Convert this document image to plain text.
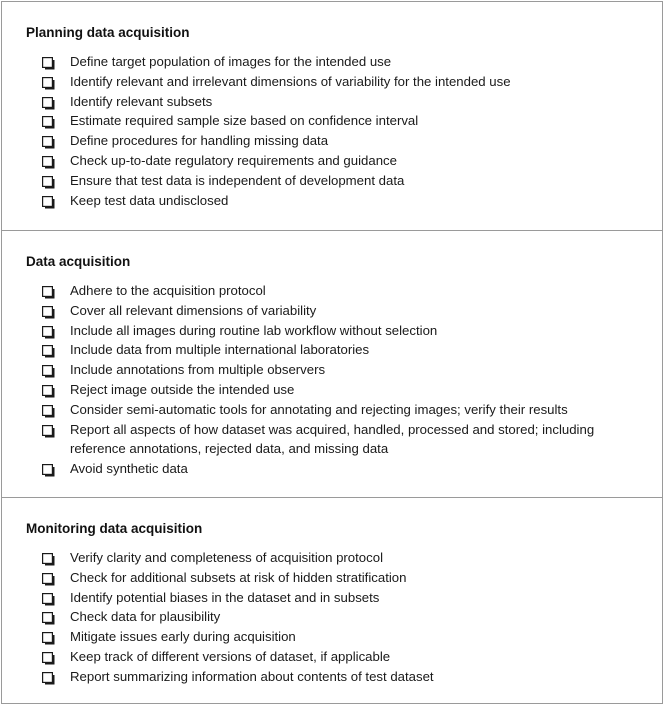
Planning data acquisition
Define target population of images for the intended use
Identify relevant and irrelevant dimensions of variability for the intended use
Identify relevant subsets
Estimate required sample size based on confidence interval
Define procedures for handling missing data
Check up-to-date regulatory requirements and guidance
Ensure that test data is independent of development data
Keep test data undisclosed
Data acquisition
Adhere to the acquisition protocol
Cover all relevant dimensions of variability
Include all images during routine lab workflow without selection
Include data from multiple international laboratories
Include annotations from multiple observers
Reject image outside the intended use
Consider semi-automatic tools for annotating and rejecting images; verify their results
Report all aspects of how dataset was acquired, handled, processed and stored; including reference annotations, rejected data, and missing data
Avoid synthetic data
Monitoring data acquisition
Verify clarity and completeness of acquisition protocol
Check for additional subsets at risk of hidden stratification
Identify potential biases in the dataset and in subsets
Check data for plausibility
Mitigate issues early during acquisition
Keep track of different versions of dataset, if applicable
Report summarizing information about contents of test dataset
